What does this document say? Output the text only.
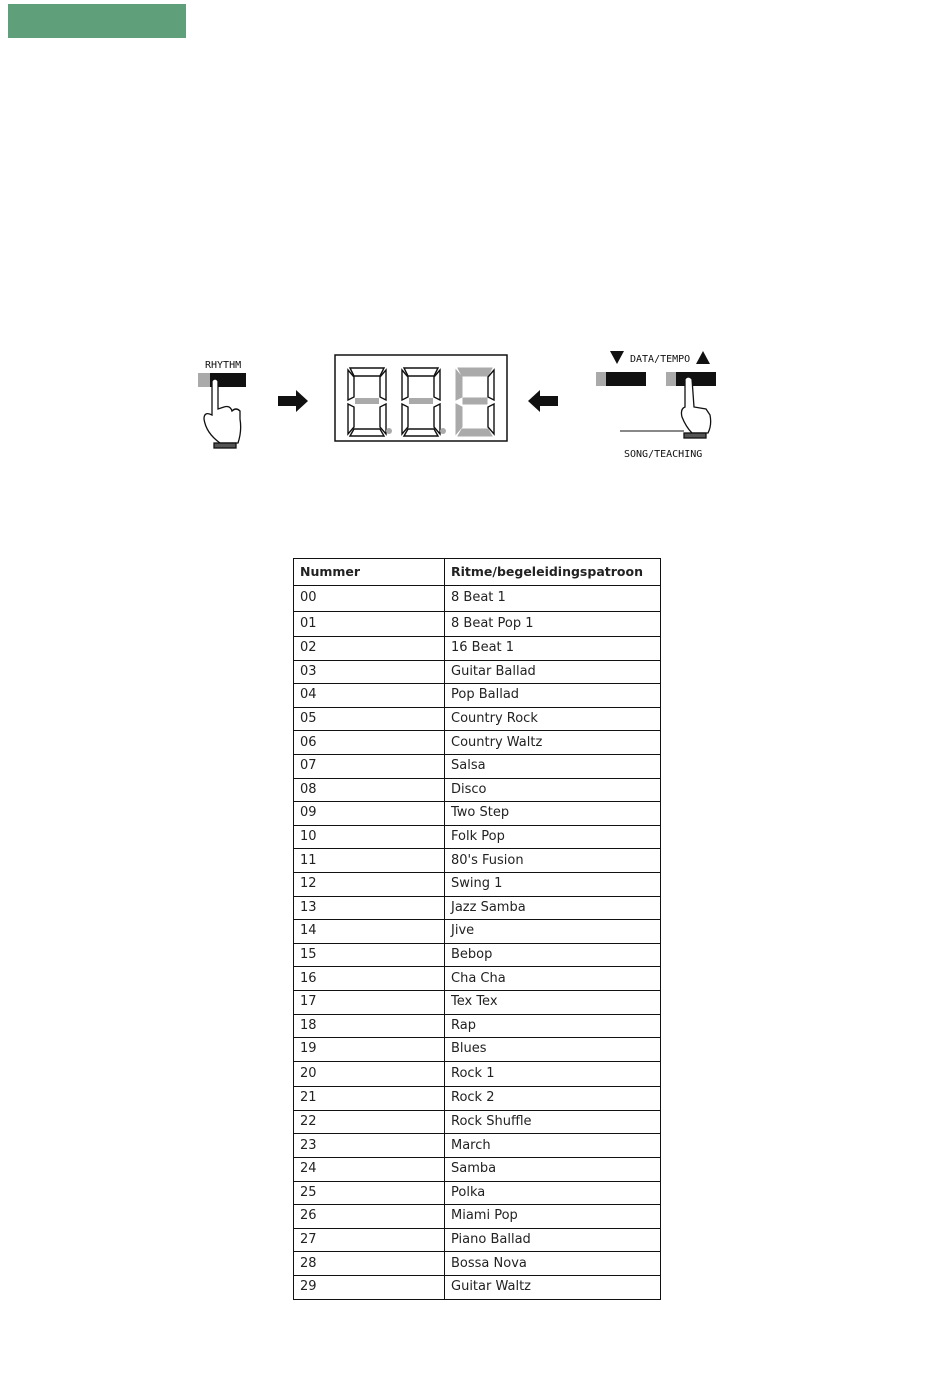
RHYTHM
DATA/TEMPO
SONG/TEACHING
Nummer	Ritme/begeleidingspatroon
00	8 Beat 1
01	8 Beat Pop 1
02	16 Beat 1
03	Guitar Ballad
04	Pop Ballad
05	Country Rock
06	Country Waltz
07	Salsa
08	Disco
09	Two Step
10	Folk Pop
11	80's Fusion
12	Swing 1
13	Jazz Samba
14	Jive
15	Bebop
16	Cha Cha
17	Tex Tex
18	Rap
19	Blues
20	Rock 1
21	Rock 2
22	Rock Shuffle
23	March
24	Samba
25	Polka
26	Miami Pop
27	Piano Ballad
28	Bossa Nova
29	Guitar Waltz
